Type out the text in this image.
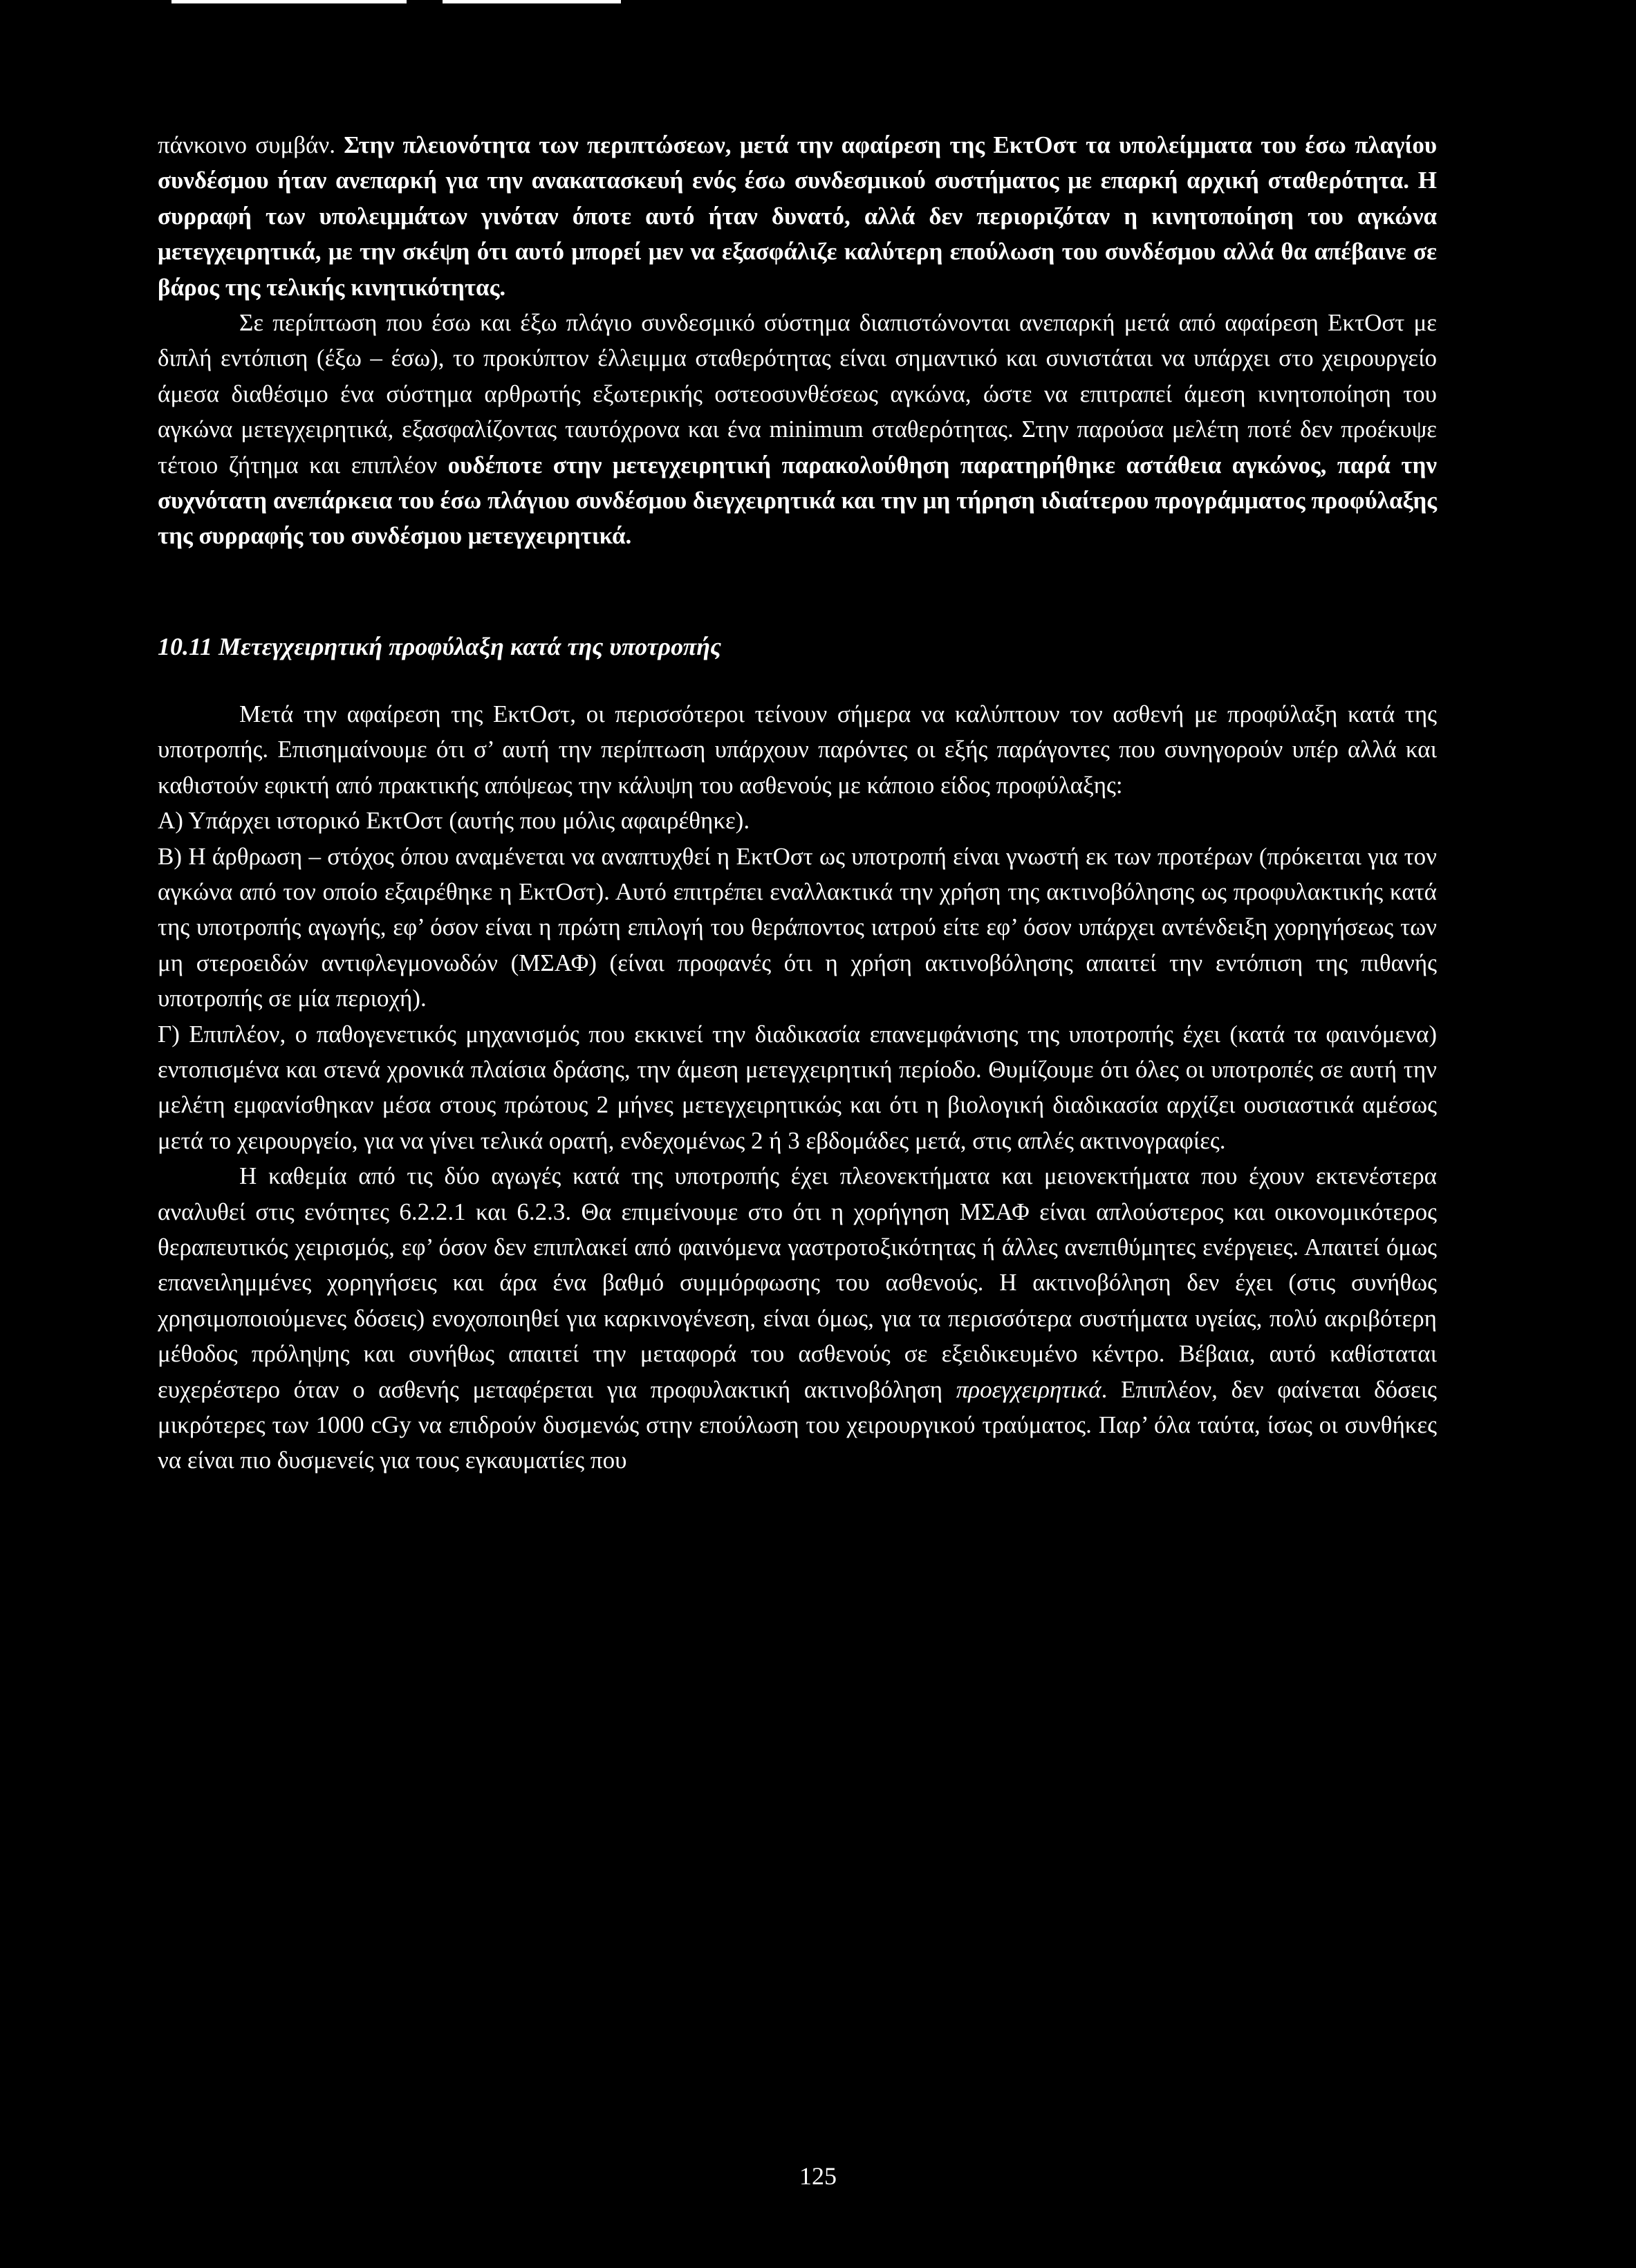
πάνκοινο συμβάν. Στην πλειονότητα των περιπτώσεων, μετά την αφαίρεση της ΕκτΟστ τα υπολείμματα του έσω πλαγίου συνδέσμου ήταν ανεπαρκή για την ανακατασκευή ενός έσω συνδεσμικού συστήματος με επαρκή αρχική σταθερότητα. Η συρραφή των υπολειμμάτων γινόταν όποτε αυτό ήταν δυνατό, αλλά δεν περιοριζόταν η κινητοποίηση του αγκώνα μετεγχειρητικά, με την σκέψη ότι αυτό μπορεί μεν να εξασφάλιζε καλύτερη επούλωση του συνδέσμου αλλά θα απέβαινε σε βάρος της τελικής κινητικότητας.

Σε περίπτωση που έσω και έξω πλάγιο συνδεσμικό σύστημα διαπιστώνονται ανεπαρκή μετά από αφαίρεση ΕκτΟστ με διπλή εντόπιση (έξω – έσω), το προκύπτον έλλειμμα σταθερότητας είναι σημαντικό και συνιστάται να υπάρχει στο χειρουργείο άμεσα διαθέσιμο ένα σύστημα αρθρωτής εξωτερικής οστεοσυνθέσεως αγκώνα, ώστε να επιτραπεί άμεση κινητοποίηση του αγκώνα μετεγχειρητικά, εξασφαλίζοντας ταυτόχρονα και ένα minimum σταθερότητας. Στην παρούσα μελέτη ποτέ δεν προέκυψε τέτοιο ζήτημα και επιπλέον ουδέποτε στην μετεγχειρητική παρακολούθηση παρατηρήθηκε αστάθεια αγκώνος, παρά την συχνότατη ανεπάρκεια του έσω πλάγιου συνδέσμου διεγχειρητικά και την μη τήρηση ιδιαίτερου προγράμματος προφύλαξης της συρραφής του συνδέσμου μετεγχειρητικά.

10.11 Μετεγχειρητική προφύλαξη κατά της υποτροπής

Μετά την αφαίρεση της ΕκτΟστ, οι περισσότεροι τείνουν σήμερα να καλύπτουν τον ασθενή με προφύλαξη κατά της υποτροπής. Επισημαίνουμε ότι σ’ αυτή την περίπτωση υπάρχουν παρόντες οι εξής παράγοντες που συνηγορούν υπέρ αλλά και καθιστούν εφικτή από πρακτικής απόψεως την κάλυψη του ασθενούς με κάποιο είδος προφύλαξης:

Α) Υπάρχει ιστορικό ΕκτΟστ (αυτής που μόλις αφαιρέθηκε).

Β) Η άρθρωση – στόχος όπου αναμένεται να αναπτυχθεί η ΕκτΟστ ως υποτροπή είναι γνωστή εκ των προτέρων (πρόκειται για τον αγκώνα από τον οποίο εξαιρέθηκε η ΕκτΟστ). Αυτό επιτρέπει εναλλακτικά την χρήση της ακτινοβόλησης ως προφυλακτικής κατά της υποτροπής αγωγής, εφ’ όσον είναι η πρώτη επιλογή του θεράποντος ιατρού είτε εφ’ όσον υπάρχει αντένδειξη χορηγήσεως των μη στεροειδών αντιφλεγμονωδών (ΜΣΑΦ) (είναι προφανές ότι η χρήση ακτινοβόλησης απαιτεί την εντόπιση της πιθανής υποτροπής σε μία περιοχή).

Γ) Επιπλέον, ο παθογενετικός μηχανισμός που εκκινεί την διαδικασία επανεμφάνισης της υποτροπής έχει (κατά τα φαινόμενα) εντοπισμένα και στενά χρονικά πλαίσια δράσης, την άμεση μετεγχειρητική περίοδο. Θυμίζουμε ότι όλες οι υποτροπές σε αυτή την μελέτη εμφανίσθηκαν μέσα στους πρώτους 2 μήνες μετεγχειρητικώς και ότι η βιολογική διαδικασία αρχίζει ουσιαστικά αμέσως μετά το χειρουργείο, για να γίνει τελικά ορατή, ενδεχομένως 2 ή 3 εβδομάδες μετά, στις απλές ακτινογραφίες.

Η καθεμία από τις δύο αγωγές κατά της υποτροπής έχει πλεονεκτήματα και μειονεκτήματα που έχουν εκτενέστερα αναλυθεί στις ενότητες 6.2.2.1 και 6.2.3. Θα επιμείνουμε στο ότι η χορήγηση ΜΣΑΦ είναι απλούστερος και οικονομικότερος θεραπευτικός χειρισμός, εφ’ όσον δεν επιπλακεί από φαινόμενα γαστροτοξικότητας ή άλλες ανεπιθύμητες ενέργειες. Απαιτεί όμως επανειλημμένες χορηγήσεις και άρα ένα βαθμό συμμόρφωσης του ασθενούς. Η ακτινοβόληση δεν έχει (στις συνήθως χρησιμοποιούμενες δόσεις) ενοχοποιηθεί για καρκινογένεση, είναι όμως, για τα περισσότερα συστήματα υγείας, πολύ ακριβότερη μέθοδος πρόληψης και συνήθως απαιτεί την μεταφορά του ασθενούς σε εξειδικευμένο κέντρο. Βέβαια, αυτό καθίσταται ευχερέστερο όταν ο ασθενής μεταφέρεται για προφυλακτική ακτινοβόληση προεγχειρητικά. Επιπλέον, δεν φαίνεται δόσεις μικρότερες των 1000 cGy να επιδρούν δυσμενώς στην επούλωση του χειρουργικού τραύματος. Παρ’ όλα ταύτα, ίσως οι συνθήκες να είναι πιο δυσμενείς για τους εγκαυματίες που

125
